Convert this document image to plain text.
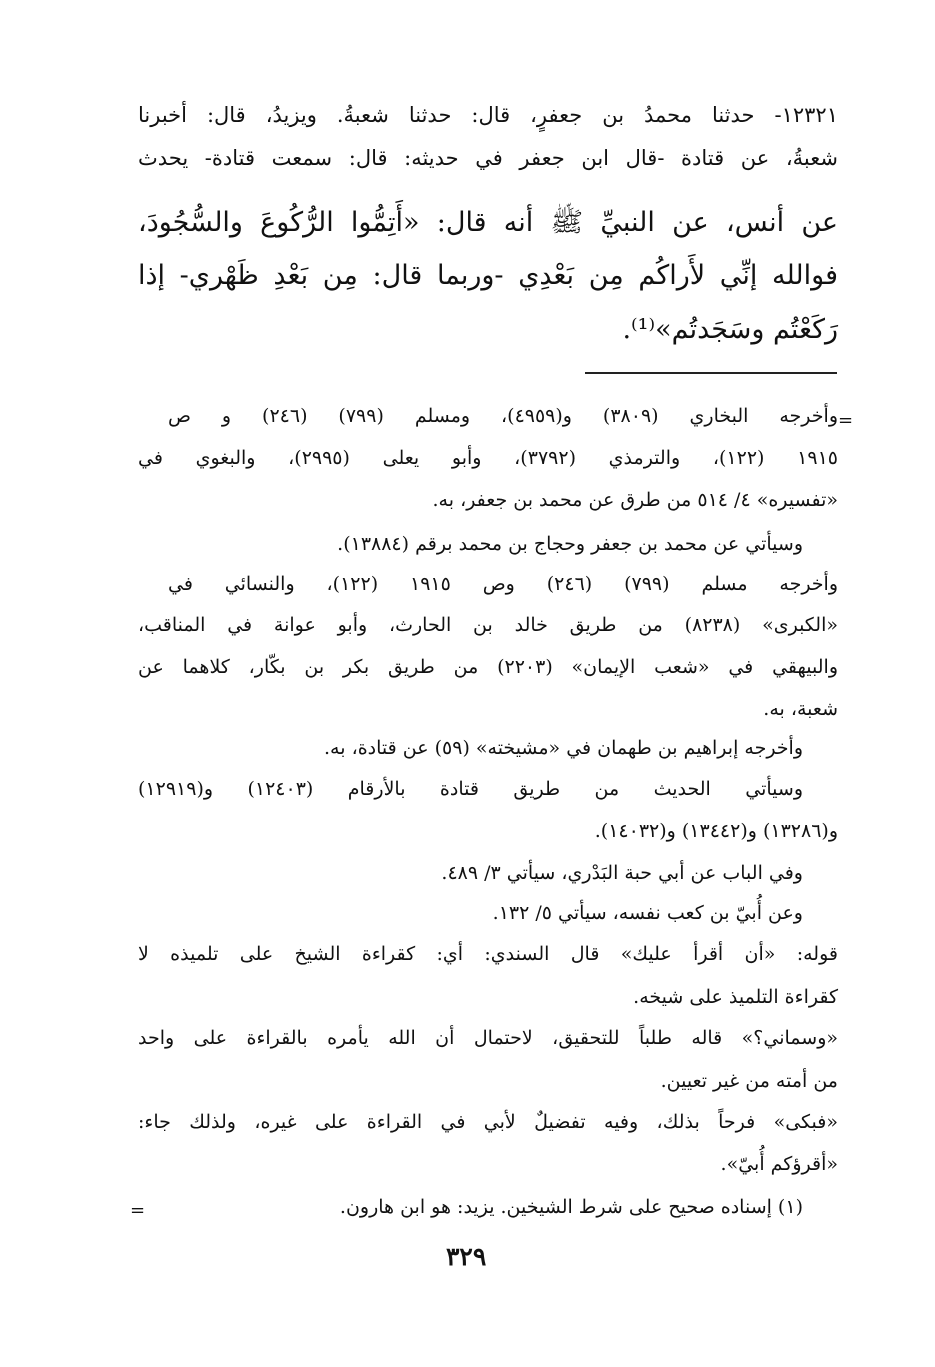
١٢٣٢١- حدثنا محمدُ بن جعفرٍ، قال: حدثنا شعبةُ. ويزيدُ، قال: أخبرنا
شعبةُ، عن قتادة -قال ابن جعفر في حديثه: قال: سمعت قتادة- يحدث
عن أنس، عن النبيِّ ﷺ أنه قال: «أَتِمُّوا الرُّكُوعَ والسُّجُودَ،
فوالله إنِّي لأَراكُم مِن بَعْدِي -وربما قال: مِن بَعْدِ ظَهْري- إذا
رَكَعْتُم وسَجَدتُم»⁽¹⁾.
=
وأخرجه البخاري (٣٨٠٩) و(٤٩٥٩)، ومسلم (٧٩٩) (٢٤٦) و ص
١٩١٥ (١٢٢)، والترمذي (٣٧٩٢)، وأبو يعلى (٢٩٩٥)، والبغوي في
«تفسيره» ٤/ ٥١٤ من طرق عن محمد بن جعفر، به.
وسيأتي عن محمد بن جعفر وحجاج بن محمد برقم (١٣٨٨٤).
وأخرجه مسلم (٧٩٩) (٢٤٦) وص ١٩١٥ (١٢٢)، والنسائي في
«الكبرى» (٨٢٣٨) من طريق خالد بن الحارث، وأبو عوانة في المناقب،
والبيهقي في «شعب الإيمان» (٢٢٠٣) من طريق بكر بن بكّار، كلاهما عن
شعبة، به.
وأخرجه إبراهيم بن طهمان في «مشيخته» (٥٩) عن قتادة، به.
وسيأتي الحديث من طريق قتادة بالأرقام (١٢٤٠٣) و(١٢٩١٩)
و(١٣٢٨٦) و(١٣٤٤٢) و(١٤٠٣٢).
وفي الباب عن أبي حبة البَدْري، سيأتي ٣/ ٤٨٩.
وعن أُبيّ بن كعب نفسه، سيأتي ٥/ ١٣٢.
قوله: «أن أقرأ عليك» قال السندي: أي: كقراءة الشيخ على تلميذه لا
كقراءة التلميذ على شيخه.
«وسماني؟» قاله طلباً للتحقيق، لاحتمال أن الله يأمره بالقراءة على واحد
من أمته من غير تعيين.
«فبكى» فرحاً بذلك، وفيه تفضيلٌ لأبي في القراءة على غيره، ولذلك جاء:
«أقرؤكم أُبيّ».
(١) إسناده صحيح على شرط الشيخين. يزيد: هو ابن هارون.
=
٣٢٩
